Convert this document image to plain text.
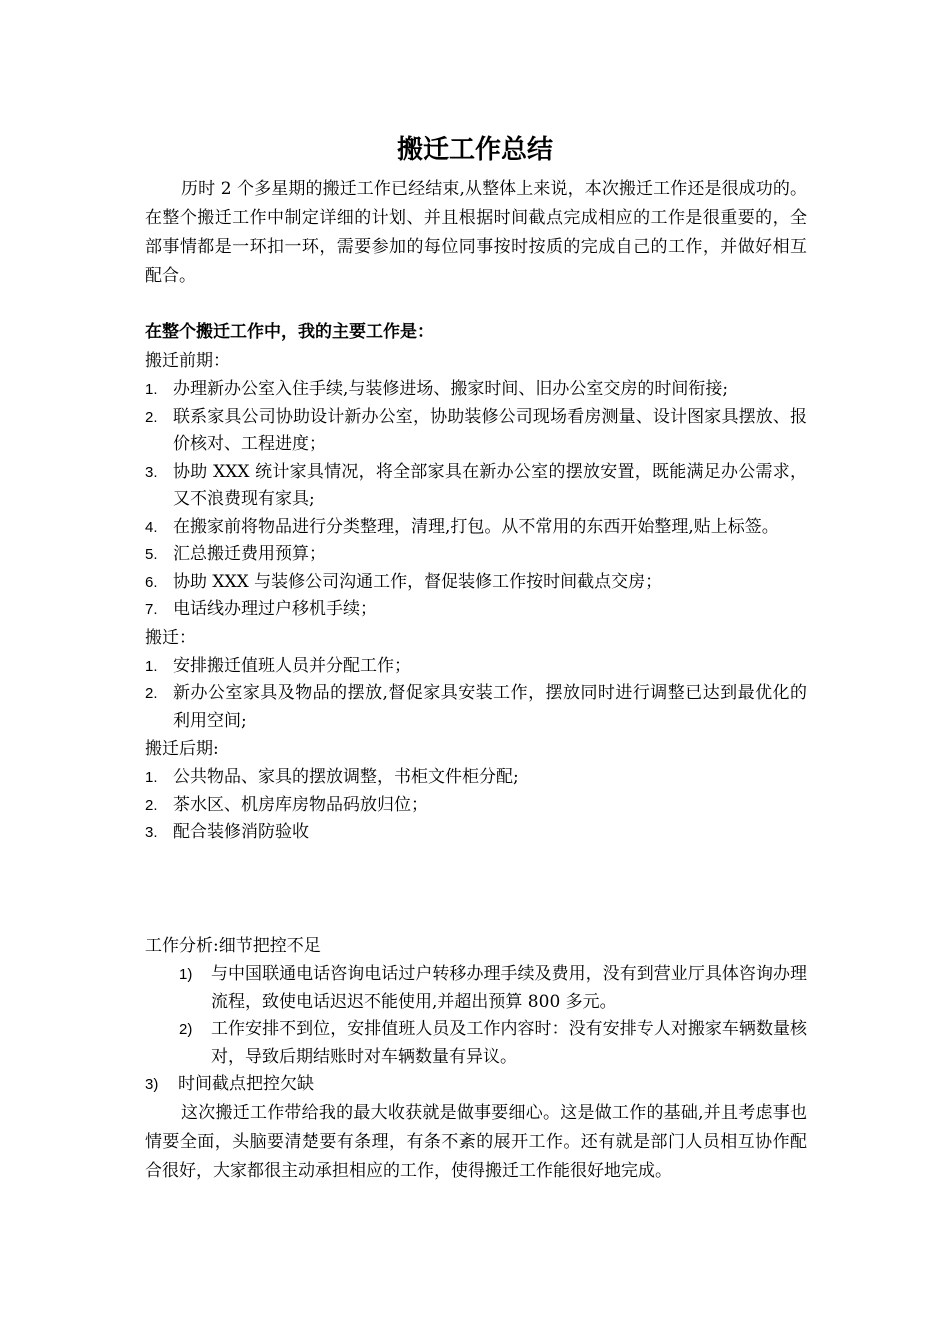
搬迁工作总结
历时 2 个多星期的搬迁工作已经结束,从整体上来说，本次搬迁工作还是很成功的。在整个搬迁工作中制定详细的计划、并且根据时间截点完成相应的工作是很重要的，全部事情都是一环扣一环，需要参加的每位同事按时按质的完成自己的工作，并做好相互配合。
在整个搬迁工作中，我的主要工作是：
搬迁前期：
1. 办理新办公室入住手续,与装修进场、搬家时间、旧办公室交房的时间衔接;
2. 联系家具公司协助设计新办公室，协助装修公司现场看房测量、设计图家具摆放、报价核对、工程进度；
3. 协助 XXX 统计家具情况，将全部家具在新办公室的摆放安置，既能满足办公需求，又不浪费现有家具;
4. 在搬家前将物品进行分类整理，清理,打包。从不常用的东西开始整理,贴上标签。
5. 汇总搬迁费用预算；
6. 协助 XXX 与装修公司沟通工作，督促装修工作按时间截点交房；
7. 电话线办理过户移机手续；
搬迁：
1. 安排搬迁值班人员并分配工作；
2. 新办公室家具及物品的摆放,督促家具安装工作，摆放同时进行调整已达到最优化的利用空间;
搬迁后期:
1. 公共物品、家具的摆放调整，书柜文件柜分配;
2. 茶水区、机房库房物品码放归位；
3. 配合装修消防验收
工作分析:细节把控不足
1) 与中国联通电话咨询电话过户转移办理手续及费用，没有到营业厅具体咨询办理流程，致使电话迟迟不能使用,并超出预算 800 多元。
2) 工作安排不到位，安排值班人员及工作内容时：没有安排专人对搬家车辆数量核对，导致后期结账时对车辆数量有异议。
3) 时间截点把控欠缺
这次搬迁工作带给我的最大收获就是做事要细心。这是做工作的基础,并且考虑事也情要全面，头脑要清楚要有条理，有条不紊的展开工作。还有就是部门人员相互协作配合很好，大家都很主动承担相应的工作，使得搬迁工作能很好地完成。
